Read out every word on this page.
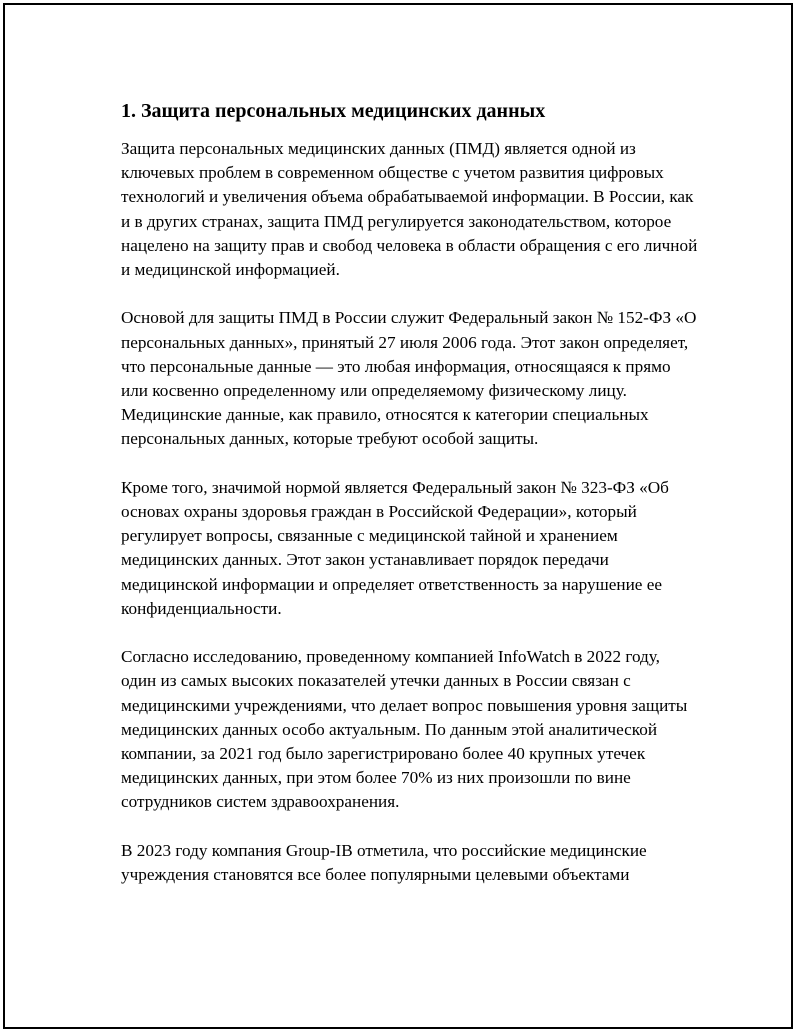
1. Защита персональных медицинских данных

Защита персональных медицинских данных (ПМД) является одной из ключевых проблем в современном обществе с учетом развития цифровых технологий и увеличения объема обрабатываемой информации. В России, как и в других странах, защита ПМД регулируется законодательством, которое нацелено на защиту прав и свобод человека в области обращения с его личной и медицинской информацией.

Основой для защиты ПМД в России служит Федеральный закон № 152-ФЗ «О персональных данных», принятый 27 июля 2006 года. Этот закон определяет, что персональные данные — это любая информация, относящаяся к прямо или косвенно определенному или определяемому физическому лицу. Медицинские данные, как правило, относятся к категории специальных персональных данных, которые требуют особой защиты.

Кроме того, значимой нормой является Федеральный закон № 323-ФЗ «Об основах охраны здоровья граждан в Российской Федерации», который регулирует вопросы, связанные с медицинской тайной и хранением медицинских данных. Этот закон устанавливает порядок передачи медицинской информации и определяет ответственность за нарушение ее конфиденциальности.

Согласно исследованию, проведенному компанией InfoWatch в 2022 году, один из самых высоких показателей утечки данных в России связан с медицинскими учреждениями, что делает вопрос повышения уровня защиты медицинских данных особо актуальным. По данным этой аналитической компании, за 2021 год было зарегистрировано более 40 крупных утечек медицинских данных, при этом более 70% из них произошли по вине сотрудников систем здравоохранения.

В 2023 году компания Group-IB отметила, что российские медицинские учреждения становятся все более популярными целевыми объектами
